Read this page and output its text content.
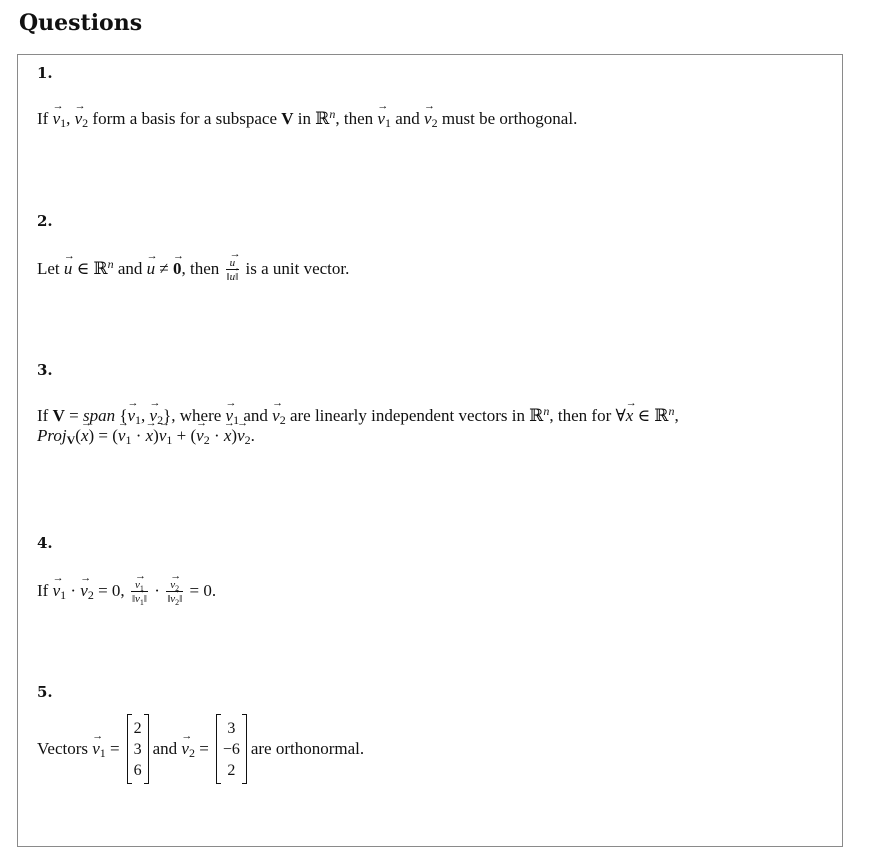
Questions
1.
$If \to v_1$, → $v_2$ form a basis for a subspace V in ℝ$^n$, then → $v_1$ and → $v_2$ must be orthogonal.
2.
Let → u ∈ ℝ$^n$ and → u ≠ → 0, then → $\frac{u}{‖\to u‖}$ is a unit vector.
3.
If V = span {→ $v_1$, → $v_2$}, where → $v_1$ and → $v_2$ are linearly independent vectors in ℝ$^n$, then for ∀→ x ∈ ℝ$^n$,
Proj$_V$(→ x) = (→ $v_1$ · → $x)\to v_1$ + (→ $v_2$ · → $x)\to v_2$.
4.
$If \to v_1$ · → $v_2 = 0$, → $\frac{v_1}{‖\to v_1‖}$ · → $\frac{v_2}{‖\to v_2‖} = 0$.
5.
Vectors → $v_1$ =
2
3
6
and → $v_2$ =
3
−6
2
are orthonormal.
